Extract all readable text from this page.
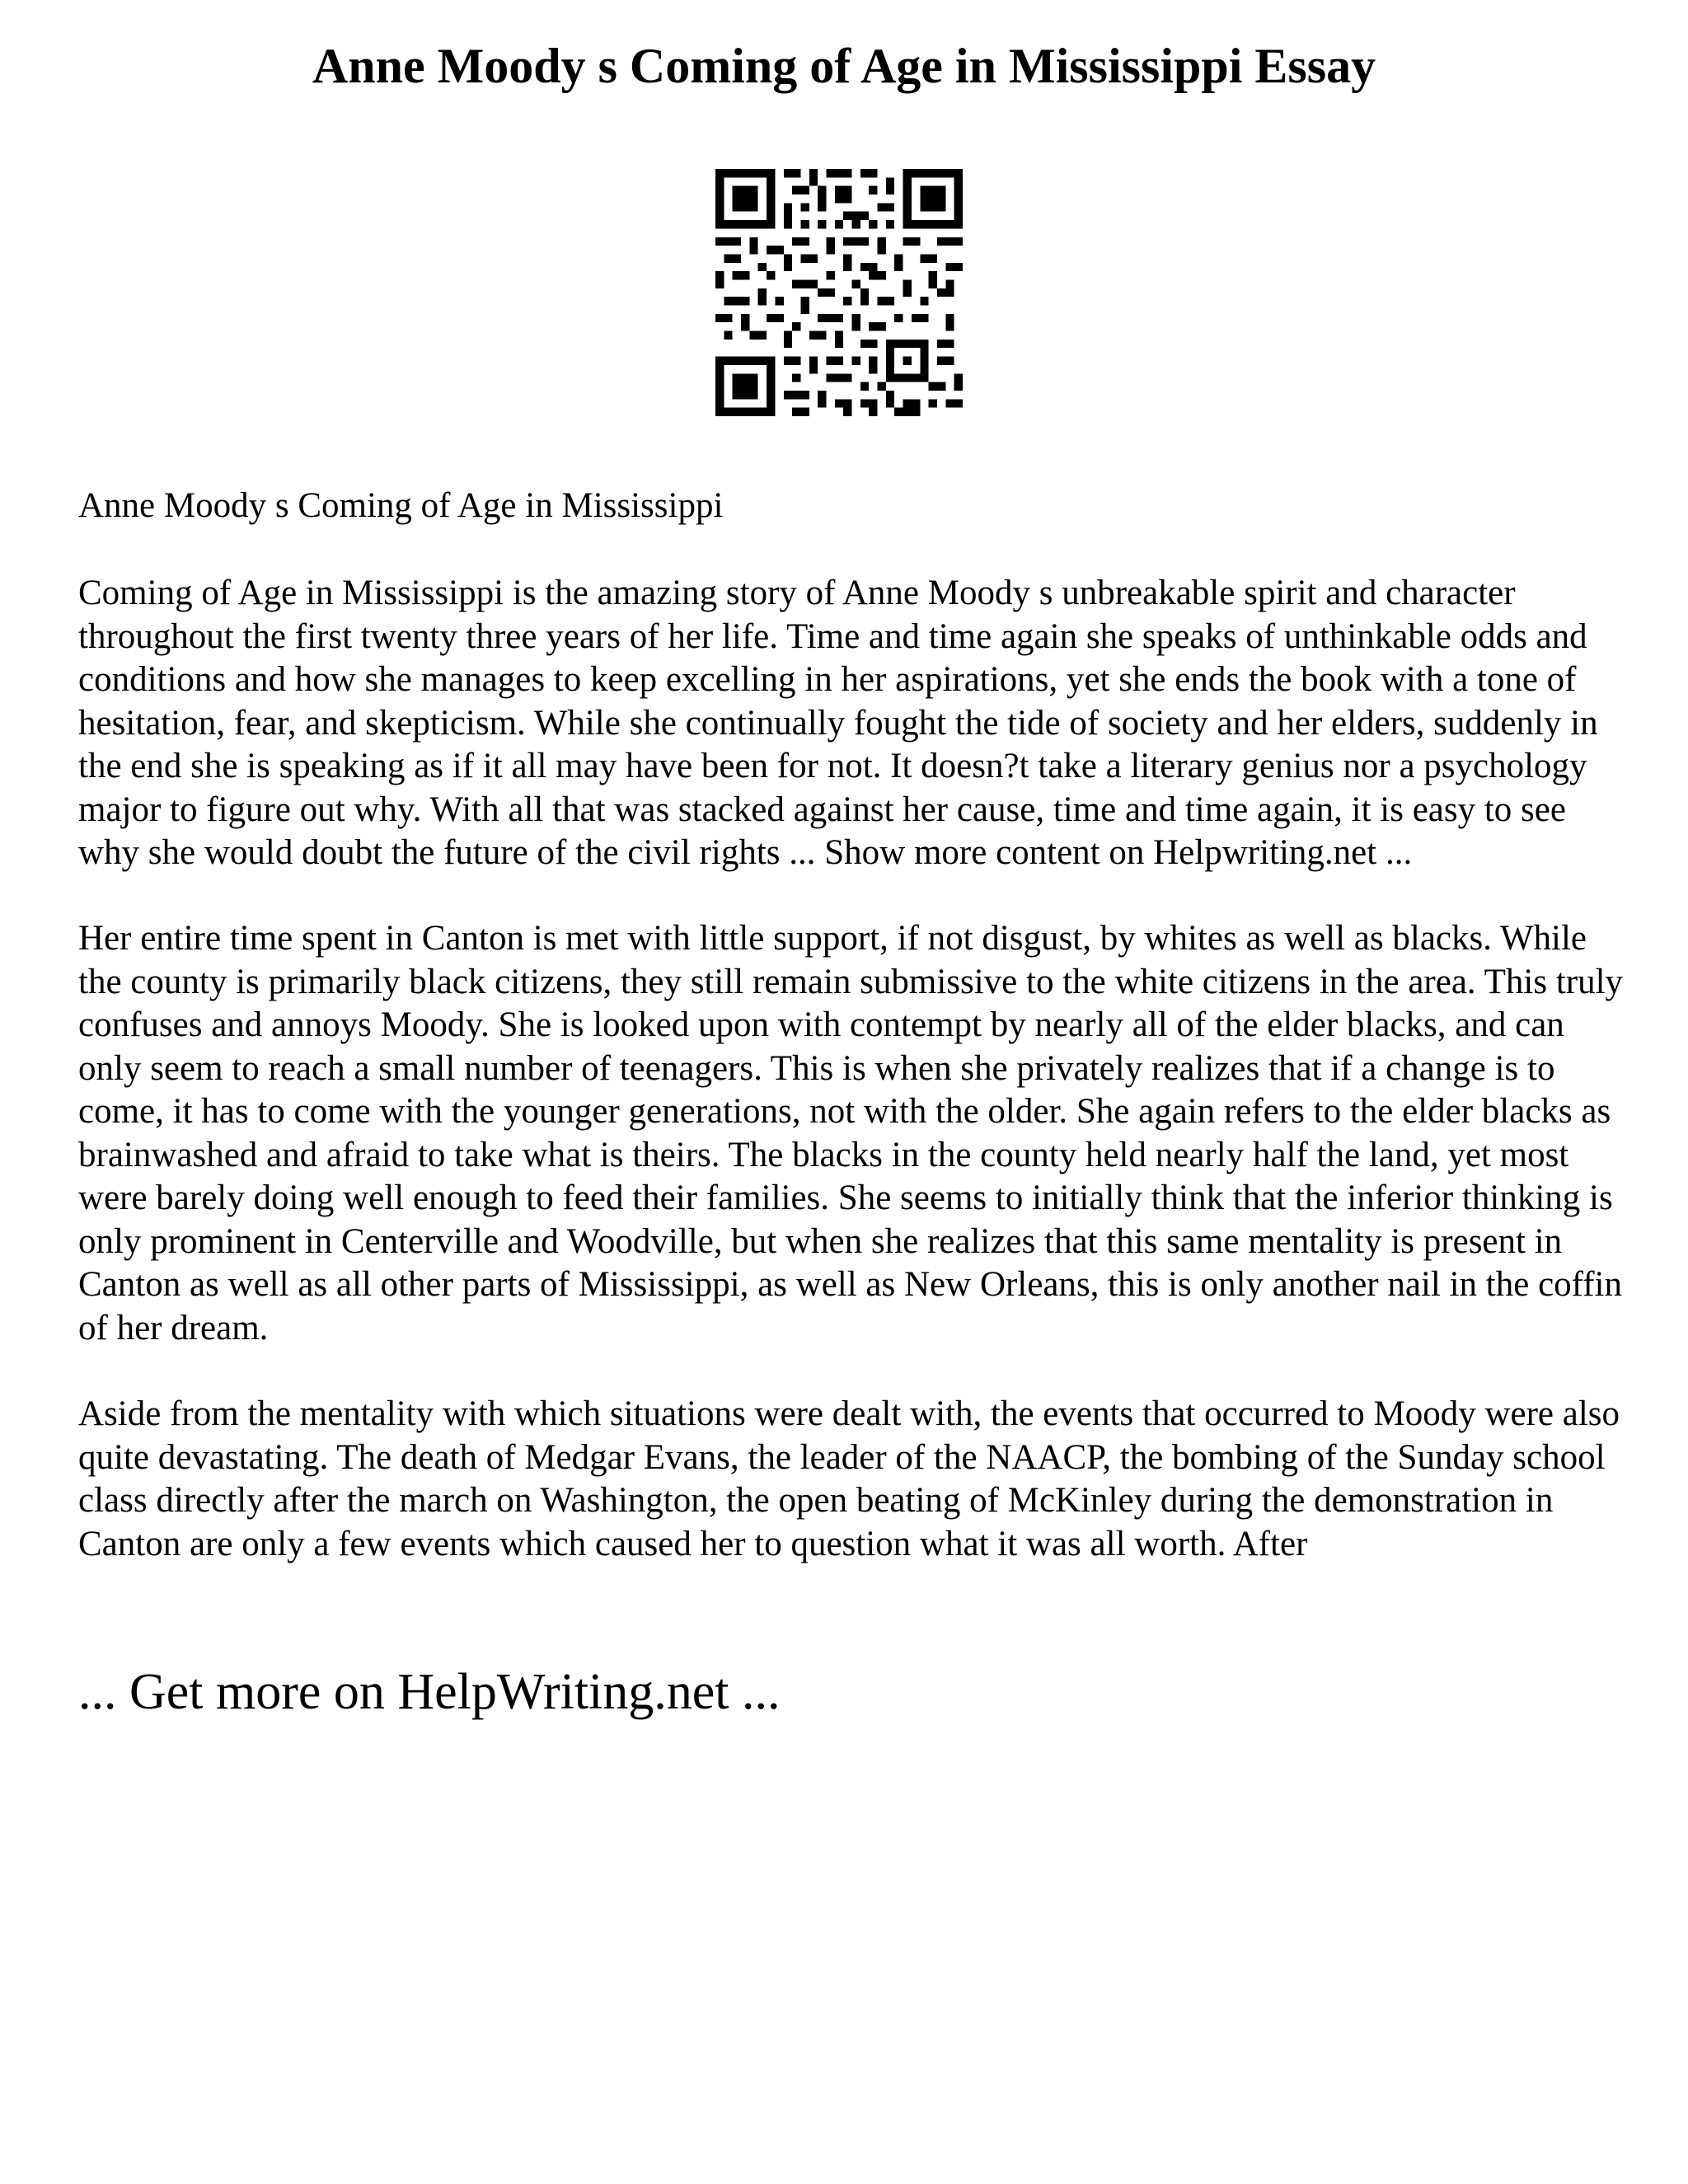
Anne Moody s Coming of Age in Mississippi Essay

Anne Moody s Coming of Age in Mississippi

Coming of Age in Mississippi is the amazing story of Anne Moody s unbreakable spirit and character throughout the first twenty three years of her life. Time and time again she speaks of unthinkable odds and conditions and how she manages to keep excelling in her aspirations, yet she ends the book with a tone of hesitation, fear, and skepticism. While she continually fought the tide of society and her elders, suddenly in the end she is speaking as if it all may have been for not. It doesn?t take a literary genius nor a psychology major to figure out why. With all that was stacked against her cause, time and time again, it is easy to see why she would doubt the future of the civil rights ... Show more content on Helpwriting.net ...

Her entire time spent in Canton is met with little support, if not disgust, by whites as well as blacks. While the county is primarily black citizens, they still remain submissive to the white citizens in the area. This truly confuses and annoys Moody. She is looked upon with contempt by nearly all of the elder blacks, and can only seem to reach a small number of teenagers. This is when she privately realizes that if a change is to come, it has to come with the younger generations, not with the older. She again refers to the elder blacks as brainwashed and afraid to take what is theirs. The blacks in the county held nearly half the land, yet most were barely doing well enough to feed their families. She seems to initially think that the inferior thinking is only prominent in Centerville and Woodville, but when she realizes that this same mentality is present in Canton as well as all other parts of Mississippi, as well as New Orleans, this is only another nail in the coffin of her dream.

Aside from the mentality with which situations were dealt with, the events that occurred to Moody were also quite devastating. The death of Medgar Evans, the leader of the NAACP, the bombing of the Sunday school class directly after the march on Washington, the open beating of McKinley during the demonstration in Canton are only a few events which caused her to question what it was all worth. After

... Get more on HelpWriting.net ...
